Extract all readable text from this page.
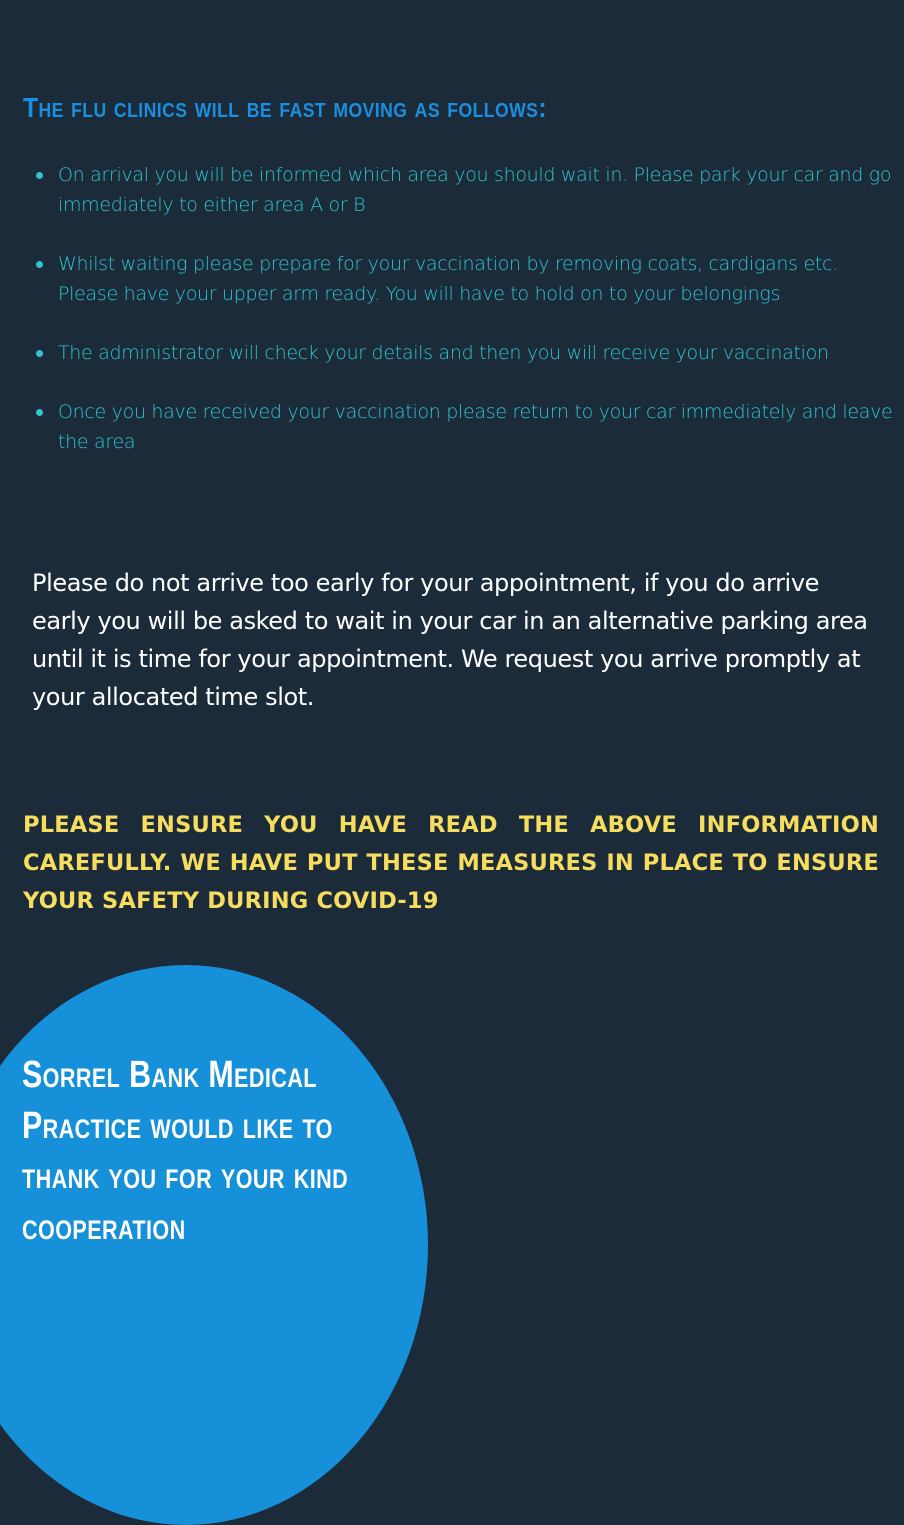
The flu clinics will be fast moving as follows:
On arrival you will be informed which area you should wait in. Please park your car and go immediately to either area A or B
Whilst waiting please prepare for your vaccination by removing coats, cardigans etc. Please have your upper arm ready. You will have to hold on to your belongings
The administrator will check your details and then you will receive your vaccination
Once you have received your vaccination please return to your car immediately and leave the area

Please do not arrive too early for your appointment, if you do arrive early you will be asked to wait in your car in an alternative parking area until it is time for your appointment. We request you arrive promptly at your allocated time slot.

PLEASE ENSURE YOU HAVE READ THE ABOVE INFORMATION CAREFULLY. WE HAVE PUT THESE MEASURES IN PLACE TO ENSURE YOUR SAFETY DURING COVID-19

Sorrel Bank Medical Practice would like to thank you for your kind cooperation
